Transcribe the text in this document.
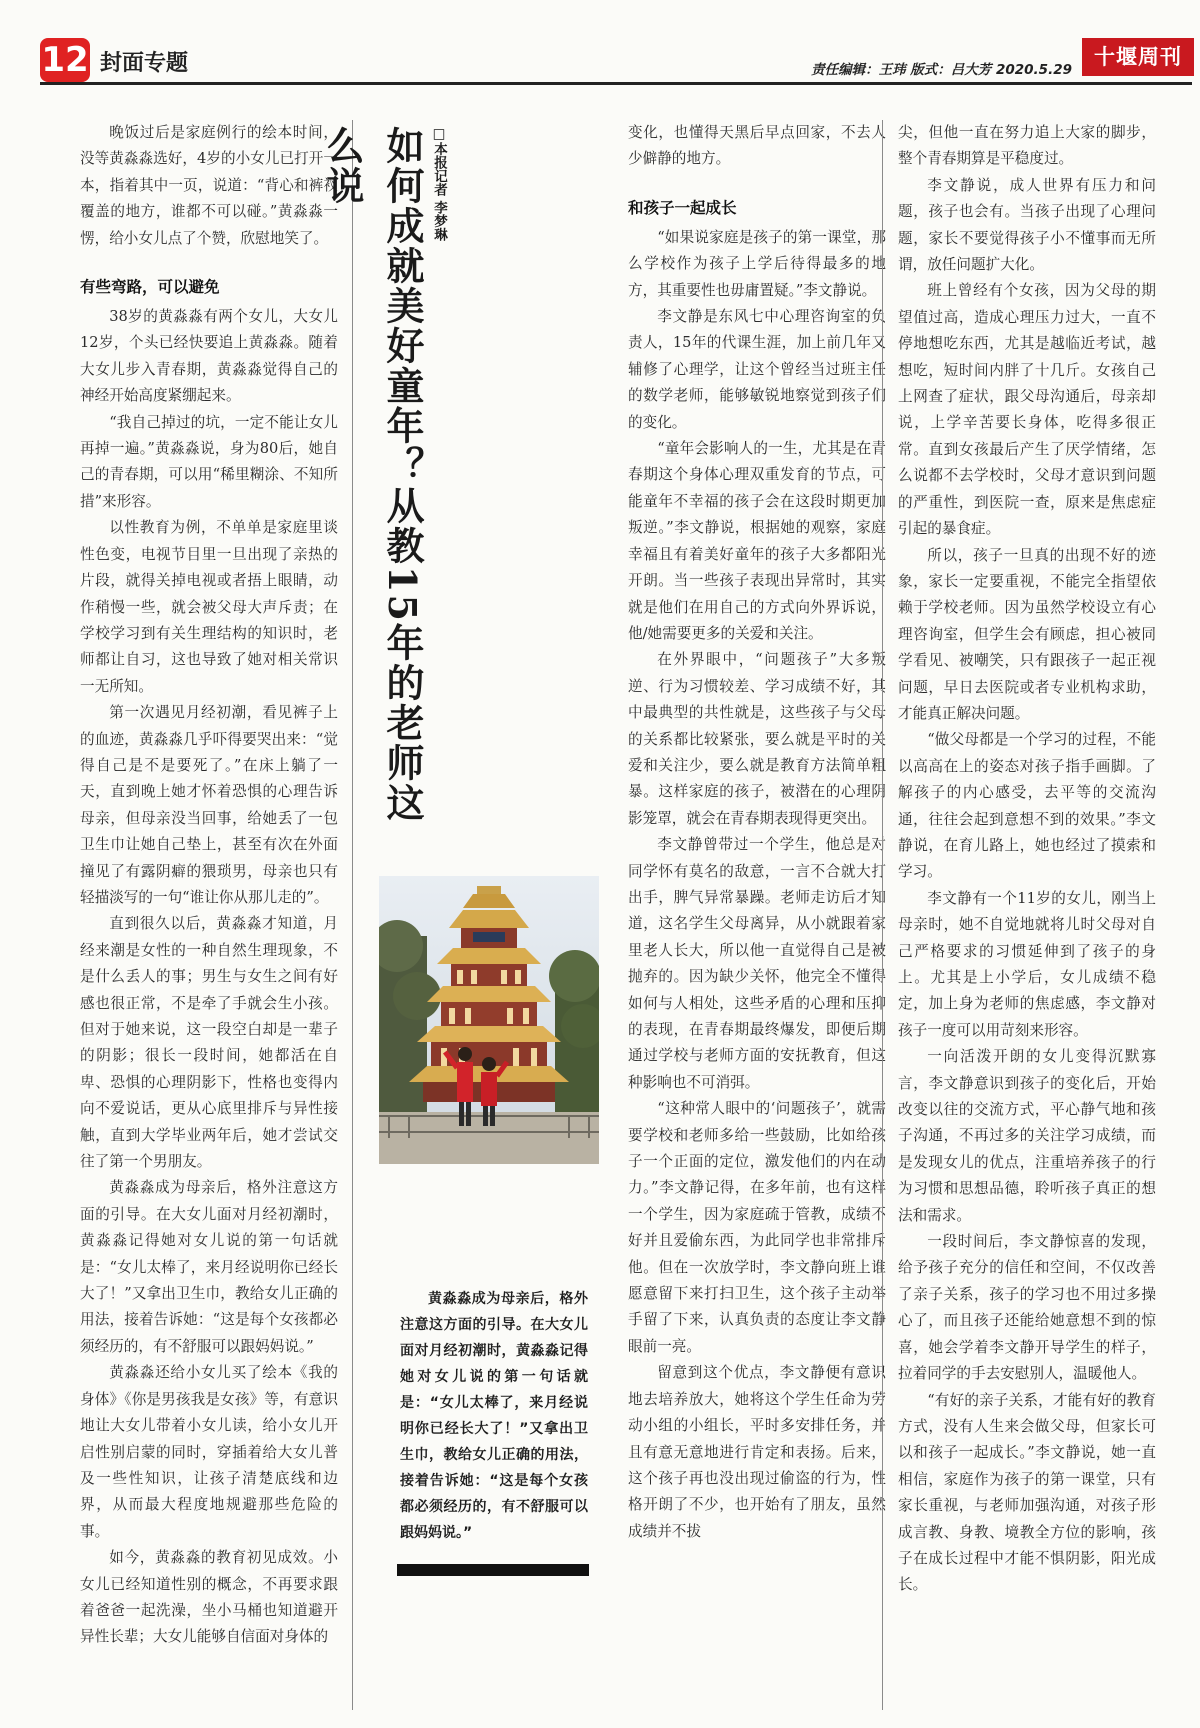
12 封面专题	责任编辑：王玮 版式：吕大芳 2020.5.29
十堰周刊

晚饭过后是家庭例行的绘本时间，没等黄淼淼选好，4岁的小女儿已打开一本，指着其中一页，说道：“背心和裤衩覆盖的地方，谁都不可以碰。”黄淼淼一愣，给小女儿点了个赞，欣慰地笑了。

有些弯路，可以避免

38岁的黄淼淼有两个女儿，大女儿12岁，个头已经快要追上黄淼淼。随着大女儿步入青春期，黄淼淼觉得自己的神经开始高度紧绷起来。

“我自己掉过的坑，一定不能让女儿再掉一遍。”黄淼淼说，身为80后，她自己的青春期，可以用“稀里糊涂、不知所措”来形容。

以性教育为例，不单单是家庭里谈性色变，电视节目里一旦出现了亲热的片段，就得关掉电视或者捂上眼睛，动作稍慢一些，就会被父母大声斥责；在学校学习到有关生理结构的知识时，老师都让自习，这也导致了她对相关常识一无所知。

第一次遇见月经初潮，看见裤子上的血迹，黄淼淼几乎吓得要哭出来：“觉得自己是不是要死了。”在床上躺了一天，直到晚上她才怀着恐惧的心理告诉母亲，但母亲没当回事，给她丢了一包卫生巾让她自己垫上，甚至有次在外面撞见了有露阴癖的猥琐男，母亲也只有轻描淡写的一句“谁让你从那儿走的”。

直到很久以后，黄淼淼才知道，月经来潮是女性的一种自然生理现象，不是什么丢人的事；男生与女生之间有好感也很正常，不是牵了手就会生小孩。但对于她来说，这一段空白却是一辈子的阴影；很长一段时间，她都活在自卑、恐惧的心理阴影下，性格也变得内向不爱说话，更从心底里排斥与异性接触，直到大学毕业两年后，她才尝试交往了第一个男朋友。

黄淼淼成为母亲后，格外注意这方面的引导。在大女儿面对月经初潮时，黄淼淼记得她对女儿说的第一句话就是：“女儿太棒了，来月经说明你已经长大了！”又拿出卫生巾，教给女儿正确的用法，接着告诉她：“这是每个女孩都必须经历的，有不舒服可以跟妈妈说。”

黄淼淼还给小女儿买了绘本《我的身体》《你是男孩我是女孩》等，有意识地让大女儿带着小女儿读，给小女儿开启性别启蒙的同时，穿插着给大女儿普及一些性知识，让孩子清楚底线和边界，从而最大程度地规避那些危险的事。

如今，黄淼淼的教育初见成效。小女儿已经知道性别的概念，不再要求跟着爸爸一起洗澡，坐小马桶也知道避开异性长辈；大女儿能够自信面对身体的

如何成就美好童年？从教15年的老师这么说	□本报记者 李梦琳

黄淼淼成为母亲后，格外注意这方面的引导。在大女儿面对月经初潮时，黄淼淼记得她对女儿说的第一句话就是：“女儿太棒了，来月经说明你已经长大了！”又拿出卫生巾，教给女儿正确的用法，接着告诉她：“这是每个女孩都必须经历的，有不舒服可以跟妈妈说。”

变化，也懂得天黑后早点回家，不去人少僻静的地方。

和孩子一起成长

“如果说家庭是孩子的第一课堂，那么学校作为孩子上学后待得最多的地方，其重要性也毋庸置疑。”李文静说。

李文静是东风七中心理咨询室的负责人，15年的代课生涯，加上前几年又辅修了心理学，让这个曾经当过班主任的数学老师，能够敏锐地察觉到孩子们的变化。

“童年会影响人的一生，尤其是在青春期这个身体心理双重发育的节点，可能童年不幸福的孩子会在这段时期更加叛逆。”李文静说，根据她的观察，家庭幸福且有着美好童年的孩子大多都阳光开朗。当一些孩子表现出异常时，其实就是他们在用自己的方式向外界诉说，他/她需要更多的关爱和关注。

在外界眼中，“问题孩子”大多叛逆、行为习惯较差、学习成绩不好，其中最典型的共性就是，这些孩子与父母的关系都比较紧张，要么就是平时的关爱和关注少，要么就是教育方法简单粗暴。这样家庭的孩子，被潜在的心理阴影笼罩，就会在青春期表现得更突出。

李文静曾带过一个学生，他总是对同学怀有莫名的敌意，一言不合就大打出手，脾气异常暴躁。老师走访后才知道，这名学生父母离异，从小就跟着家里老人长大，所以他一直觉得自己是被抛弃的。因为缺少关怀，他完全不懂得如何与人相处，这些矛盾的心理和压抑的表现，在青春期最终爆发，即便后期通过学校与老师方面的安抚教育，但这种影响也不可消弭。

“这种常人眼中的‘问题孩子’，就需要学校和老师多给一些鼓励，比如给孩子一个正面的定位，激发他们的内在动力。”李文静记得，在多年前，也有这样一个学生，因为家庭疏于管教，成绩不好并且爱偷东西，为此同学也非常排斥他。但在一次放学时，李文静向班上谁愿意留下来打扫卫生，这个孩子主动举手留了下来，认真负责的态度让李文静眼前一亮。

留意到这个优点，李文静便有意识地去培养放大，她将这个学生任命为劳动小组的小组长，平时多安排任务，并且有意无意地进行肯定和表扬。后来，这个孩子再也没出现过偷盗的行为，性格开朗了不少，也开始有了朋友，虽然成绩并不拔

尖，但他一直在努力追上大家的脚步，整个青春期算是平稳度过。

李文静说，成人世界有压力和问题，孩子也会有。当孩子出现了心理问题，家长不要觉得孩子小不懂事而无所谓，放任问题扩大化。

班上曾经有个女孩，因为父母的期望值过高，造成心理压力过大，一直不停地想吃东西，尤其是越临近考试，越想吃，短时间内胖了十几斤。女孩自己上网查了症状，跟父母沟通后，母亲却说，上学辛苦要长身体，吃得多很正常。直到女孩最后产生了厌学情绪，怎么说都不去学校时，父母才意识到问题的严重性，到医院一查，原来是焦虑症引起的暴食症。

所以，孩子一旦真的出现不好的迹象，家长一定要重视，不能完全指望依赖于学校老师。因为虽然学校设立有心理咨询室，但学生会有顾虑，担心被同学看见、被嘲笑，只有跟孩子一起正视问题，早日去医院或者专业机构求助，才能真正解决问题。

“做父母都是一个学习的过程，不能以高高在上的姿态对孩子指手画脚。了解孩子的内心感受，去平等的交流沟通，往往会起到意想不到的效果。”李文静说，在育儿路上，她也经过了摸索和学习。

李文静有一个11岁的女儿，刚当上母亲时，她不自觉地就将儿时父母对自己严格要求的习惯延伸到了孩子的身上。尤其是上小学后，女儿成绩不稳定，加上身为老师的焦虑感，李文静对孩子一度可以用苛刻来形容。

一向活泼开朗的女儿变得沉默寡言，李文静意识到孩子的变化后，开始改变以往的交流方式，平心静气地和孩子沟通，不再过多的关注学习成绩，而是发现女儿的优点，注重培养孩子的行为习惯和思想品德，聆听孩子真正的想法和需求。

一段时间后，李文静惊喜的发现，给予孩子充分的信任和空间，不仅改善了亲子关系，孩子的学习也不用过多操心了，而且孩子还能给她意想不到的惊喜，她会学着李文静开导学生的样子，拉着同学的手去安慰别人，温暖他人。

“有好的亲子关系，才能有好的教育方式，没有人生来会做父母，但家长可以和孩子一起成长。”李文静说，她一直相信，家庭作为孩子的第一课堂，只有家长重视，与老师加强沟通，对孩子形成言教、身教、境教全方位的影响，孩子在成长过程中才能不惧阴影，阳光成长。
